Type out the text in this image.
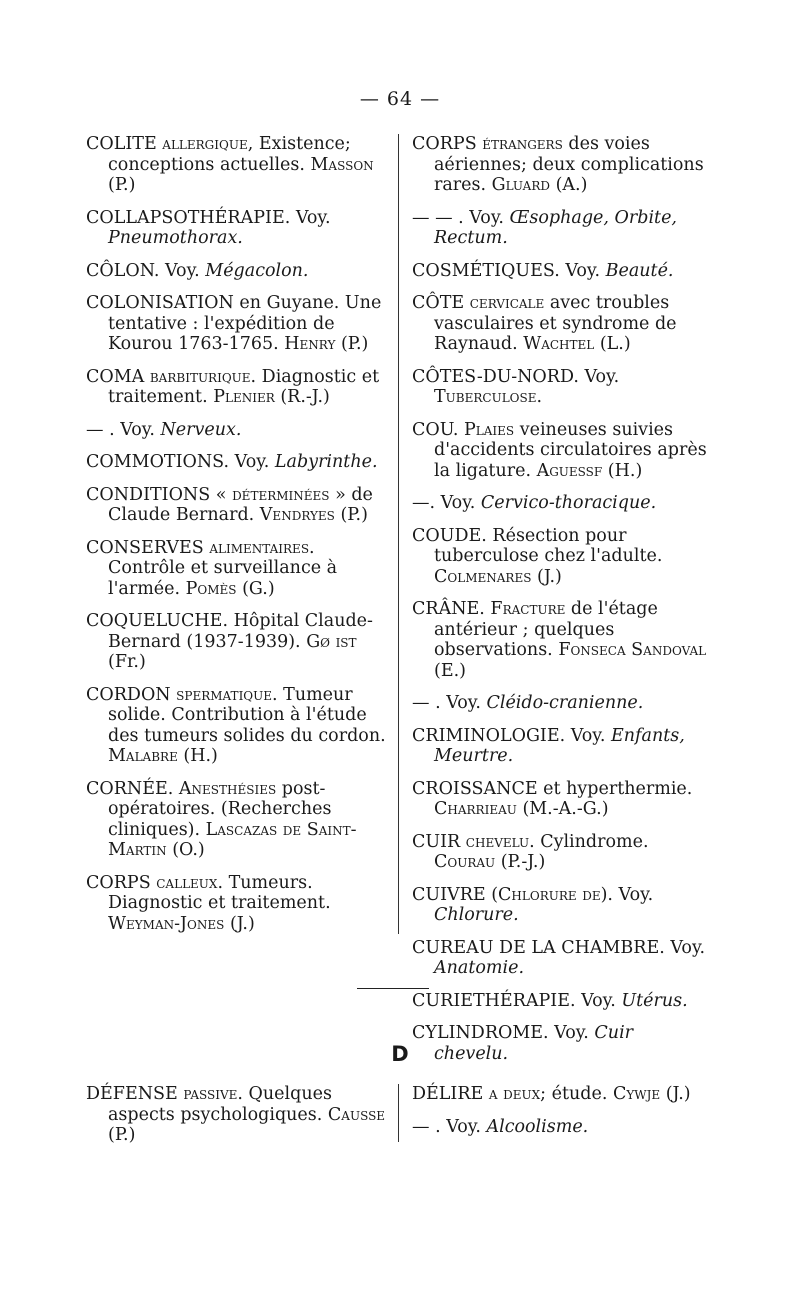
— 64 —
COLITE allergique, Existence; conceptions actuelles. Masson (P.)
COLLAPSOTHÉRAPIE. Voy. Pneumothorax.
CÔLON. Voy. Mégacolon.
COLONISATION en Guyane. Une tentative : l'expédition de Kourou 1763-1765. Henry (P.)
COMA barbiturique. Diagnostic et traitement. Plenier (R.-J.)
— . Voy. Nerveux.
COMMOTIONS. Voy. Labyrinthe.
CONDITIONS « déterminées » de Claude Bernard. Vendryes (P.)
CONSERVES alimentaires. Contrôle et surveillance à l'armée. Pomès (G.)
COQUELUCHE. Hôpital Claude-Bernard (1937-1939). Gø ist (Fr.)
CORDON spermatique. Tumeur solide. Contribution à l'étude des tumeurs solides du cordon. Malabre (H.)
CORNÉE. Anesthésies post-opératoires. (Recherches cliniques). Lascazas de Saint-Martin (O.)
CORPS calleux. Tumeurs. Diagnostic et traitement. Weyman-Jones (J.)
CORPS étrangers des voies aériennes; deux complications rares. Gluard (A.)
— — . Voy. Œsophage, Orbite, Rectum.
COSMÉTIQUES. Voy. Beauté.
CÔTE cervicale avec troubles vasculaires et syndrome de Raynaud. Wachtel (L.)
CÔTES-DU-NORD. Voy. Tuberculose.
COU. Plaies veineuses suivies d'accidents circulatoires après la ligature. Aguessf (H.)
—. Voy. Cervico-thoracique.
COUDE. Résection pour tuberculose chez l'adulte. Colmenares (J.)
CRÂNE. Fracture de l'étage antérieur ; quelques observations. Fonseca Sandoval (E.)
— . Voy. Cléido-cranienne.
CRIMINOLOGIE. Voy. Enfants, Meurtre.
CROISSANCE et hyperthermie. Charrieau (M.-A.-G.)
CUIR chevelu. Cylindrome. Courau (P.-J.)
CUIVRE (Chlorure de). Voy. Chlorure.
CUREAU DE LA CHAMBRE. Voy. Anatomie.
CURIETHÉRAPIE. Voy. Utérus.
CYLINDROME. Voy. Cuir chevelu.
D
DÉFENSE passive. Quelques aspects psychologiques. Causse (P.)
DÉLIRE a deux; étude. Cywje (J.)
— . Voy. Alcoolisme.
